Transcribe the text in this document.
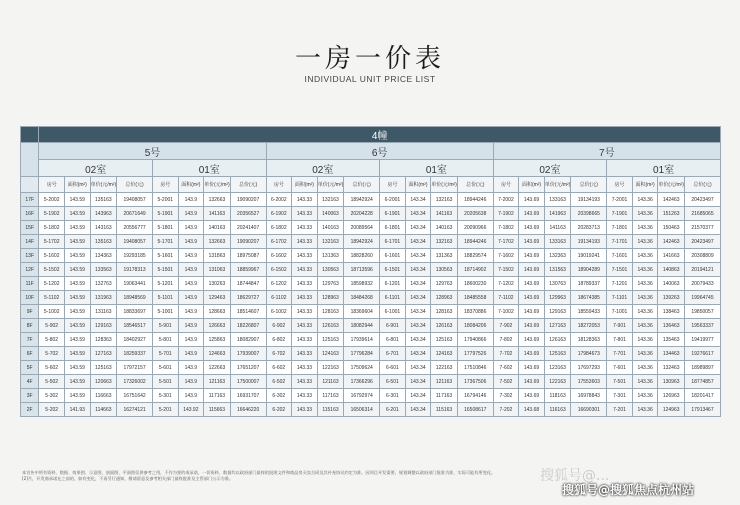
一房一价表
INDIVIDUAL UNIT PRICE LIST
	4幢																							
	5号								6号								7号							
	02室				01室				02室				01室				02室				01室			
	房号	面积(m²)	单价(元/m²)	总价(元)	房号	面积(m²)	单价(元/m²)	总价(元)	房号	面积(m²)	单价(元/m²)	总价(元)	房号	面积(m²)	单价(元/m²)	总价(元)	房号	面积(m²)	单价(元/m²)	总价(元)	房号	面积(m²)	单价(元/m²)	总价(元)
17F	5-2002	143.59	135163	19408057	5-2001	143.9	132663	19090207	6-2002	143.33	132163	18942924	6-2001	143.34	132163	18944246	7-2002	143.69	133163	19134193	7-2001	143.36	142463	20423497
16F	5-1902	143.59	143963	20671649	5-1901	143.9	141163	20356527	6-1902	143.33	140063	20204228	6-1901	143.34	141163	20205638	7-1902	143.69	141963	20398665	7-1901	143.36	151263	21685065
15F	5-1802	143.59	143163	20556777	5-1801	143.9	140163	20241407	6-1802	143.33	140163	20089564	6-1801	143.34	140163	20090966	7-1802	143.69	141163	20283713	7-1801	143.36	150463	21570377
14F	5-1702	143.59	135163	19408057	5-1701	143.9	132663	19090207	6-1702	143.33	132163	18942924	6-1701	143.34	132163	18944246	7-1702	143.69	133163	19134193	7-1701	143.36	142463	20423497
13F	5-1602	143.59	134363	19293185	5-1601	143.9	131863	18975087	6-1602	143.33	131363	18828260	6-1601	143.34	131363	18829574	7-1602	143.69	132363	19019241	7-1601	143.36	141663	20308809
12F	5-1502	143.59	133563	19178313	5-1501	143.9	131063	18859967	6-1502	143.33	130563	18713596	6-1501	143.34	130563	18714902	7-1502	143.69	131563	18904289	7-1501	143.36	140863	20194121
11F	5-1202	143.59	132763	19063441	5-1201	143.9	130263	18744847	6-1202	143.33	129763	18598932	6-1201	143.34	129763	18600230	7-1202	143.69	130763	18789337	7-1201	143.36	140063	20079433
10F	5-1102	143.59	131963	18948569	5-1101	143.9	129463	18629727	6-1102	143.33	128963	18484268	6-1101	143.34	128963	18485558	7-1102	143.69	129963	18674385	7-1101	143.36	139263	19964745
9F	5-1002	143.59	131163	18833697	5-1001	143.9	128663	18514607	6-1002	143.33	128163	18369604	6-1001	143.34	128163	18370886	7-1002	143.69	129163	18559433	7-1001	143.36	138463	19850057
8F	5-902	143.59	129163	18546517	5-901	143.9	126663	18226807	6-902	143.33	126163	18082944	6-901	143.34	126163	18084206	7-902	143.69	127163	18272053	7-901	143.36	136463	19563337
7F	5-802	143.59	128363	18402927	5-801	143.9	125863	18082907	6-802	143.33	125163	17939614	6-801	143.34	125163	17940866	7-802	143.69	126163	18128363	7-801	143.36	135463	19419977
6F	5-702	143.59	127163	18259337	5-701	143.9	124663	17939007	6-702	143.33	124163	17796284	6-701	143.34	124163	17797526	7-702	143.69	125163	17984673	7-701	143.36	134463	19276617
5F	5-602	143.59	125163	17972157	5-601	143.9	122663	17651207	6-602	143.33	122163	17509624	6-601	143.34	122163	17510846	7-602	143.69	123163	17697293	7-601	143.36	132463	18989897
4F	5-502	143.59	120663	17326002	5-501	143.9	121163	17500007	6-502	143.33	121163	17366296	6-501	143.34	121163	17367506	7-502	143.69	122163	17553603	7-501	143.36	130963	18774857
3F	5-302	143.59	116663	16751642	5-301	143.9	117163	16931707	6-302	143.33	117163	16792974	6-301	143.34	117163	16794146	7-302	143.69	118163	16978843	7-301	143.36	126963	18201417
2F	5-202	141.93	114663	16274121	5-201	143.92	115663	16646220	6-202	143.33	115163	16506314	6-201	143.34	115163	16508617	7-202	143.68	116163	16690301	7-201	143.36	124963	17913467

本宣传中所有资料、数据、效果图、示意图、剖面图、平面图仅供参考之用，不作为要约或承诺，一切资料、数据均以政府部门最终的批准文件和商品房买卖合同及其补充协议约定为准。因项目开发需要，规划调整以政府部门批准为准，实际可能有所变化。

[2]月，开发商承诺在之前的，如有变化，不再另行通知，敬请留意及参考相关部门最终批准及主管部门公示为准。	搜狐号@...
搜狐号@搜狐焦点杭州站
